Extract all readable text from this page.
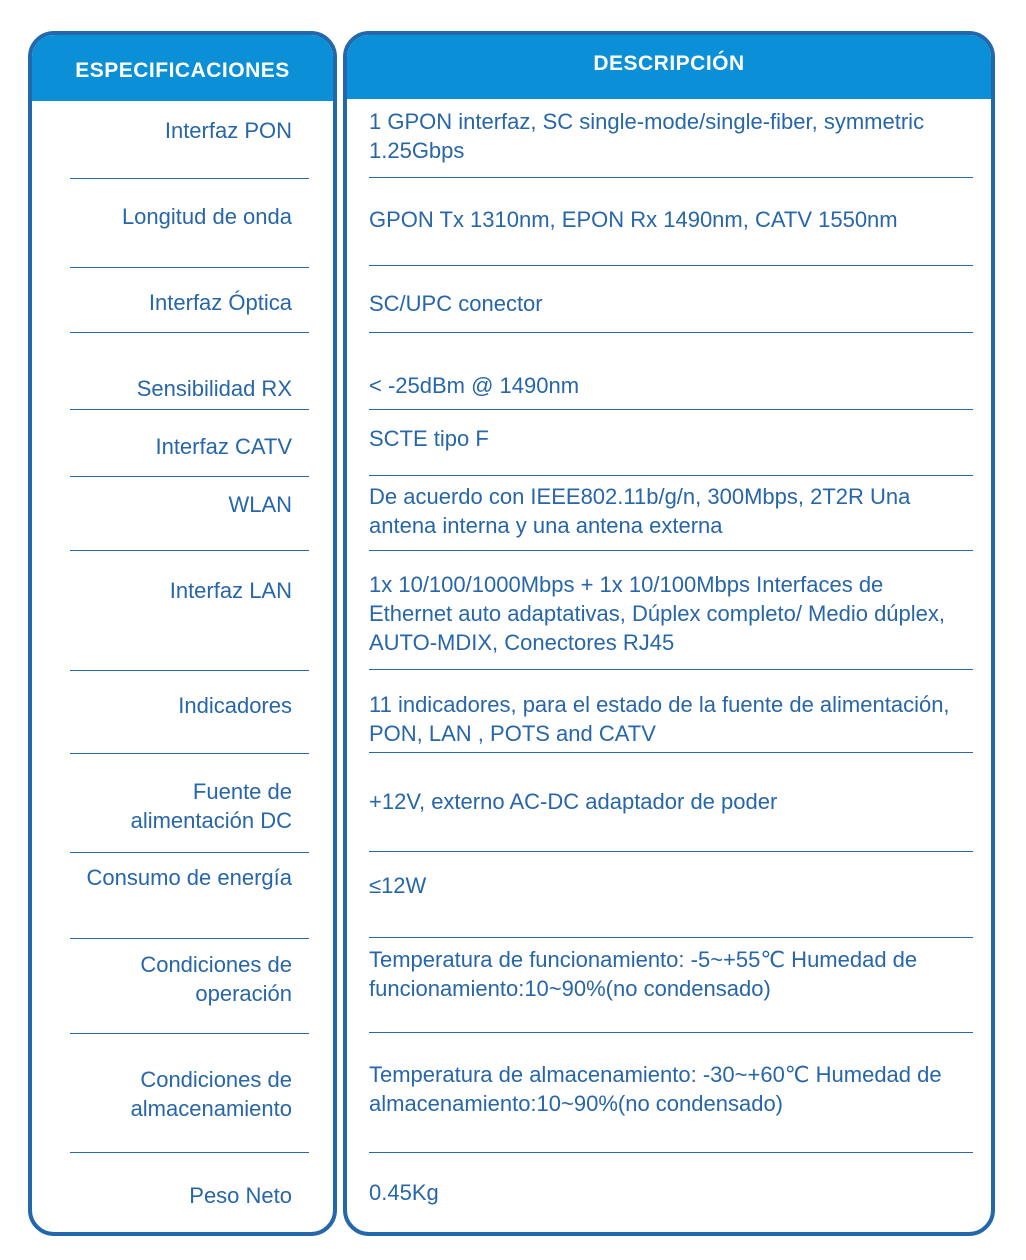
ESPECIFICACIONES
Interfaz PON
Longitud de onda
Interfaz Óptica
Sensibilidad RX
Interfaz CATV
WLAN
Interfaz LAN
Indicadores
Fuente de alimentación DC
Consumo de energía
Condiciones de operación
Condiciones de almacenamiento
Peso Neto
DESCRIPCIÓN
1 GPON interfaz, SC single-mode/single-fiber, symmetric 1.25Gbps
GPON Tx 1310nm, EPON Rx 1490nm, CATV 1550nm
SC/UPC conector
< -25dBm @ 1490nm
SCTE tipo F
De acuerdo con IEEE802.11b/g/n, 300Mbps, 2T2R Una antena interna y una antena externa
1x 10/100/1000Mbps + 1x 10/100Mbps Interfaces de Ethernet auto adaptativas, Dúplex completo/ Medio dúplex, AUTO-MDIX, Conectores RJ45
11 indicadores, para el estado de la fuente de alimentación, PON, LAN , POTS and CATV
+12V, externo AC-DC adaptador de poder
≤12W
Temperatura de funcionamiento: -5~+55℃ Humedad de funcionamiento:10~90%(no condensado)
Temperatura de almacenamiento: -30~+60℃ Humedad de almacenamiento:10~90%(no condensado)
0.45Kg
